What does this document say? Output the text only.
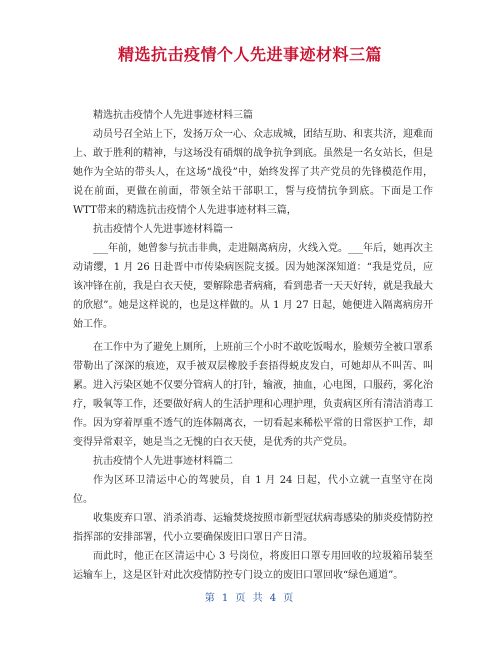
精选抗击疫情个人先进事迹材料三篇

精选抗击疫情个人先进事迹材料三篇

动员号召全站上下，发扬万众一心、众志成城，团结互助、和衷共济，迎难而上、敢于胜利的精神，与这场没有硝烟的战争抗争到底。虽然是一名女站长，但是她作为全站的带头人，在这场“战役”中，始终发挥了共产党员的先锋模范作用，说在前面，更做在前面，带领全站干部职工，誓与疫情抗争到底。下面是工作WTT带来的精选抗击疫情个人先进事迹材料三篇，

抗击疫情个人先进事迹材料篇一

___年前，她曾参与抗击非典，走进隔离病房，火线入党。___年后，她再次主动请缨，1 月 26 日赴晋中市传染病医院支援。因为她深深知道：“我是党员，应该冲锋在前，我是白衣天使，要解除患者病痛，看到患者一天天好转，就是我最大的欣慰”。她是这样说的，也是这样做的。从 1 月 27 日起，她便进入隔离病房开始工作。

在工作中为了避免上厕所，上班前三个小时不敢吃饭喝水，脸颊劳全被口罩系带勒出了深深的痕迹，双手被双层橡胶手套捂得蜕皮发白，可她却从不叫苦、叫累。进入污染区她不仅要分管病人的打针，输液，抽血，心电图，口服药，雾化治疗，吸氧等工作，还要做好病人的生活护理和心理护理，负责病区所有清洁消毒工作。因为穿着厚重不透气的连体隔离衣，一切看起来稀松平常的日常医护工作，却变得异常艰辛，她是当之无愧的白衣天使，是优秀的共产党员。

抗击疫情个人先进事迹材料篇二

作为区环卫清运中心的驾驶员，自 1 月 24 日起，代小立就一直坚守在岗位。

收集废弃口罩、消杀消毒、运输焚烧按照市新型冠状病毒感染的肺炎疫情防控指挥部的安排部署，代小立要确保废旧口罩日产日清。

而此时，他正在区清运中心 3 号岗位，将废旧口罩专用回收的垃圾箱吊装至运输车上，这是区针对此次疫情防控专门设立的废旧口罩回收“绿色通道”。

第 1 页 共 4 页
